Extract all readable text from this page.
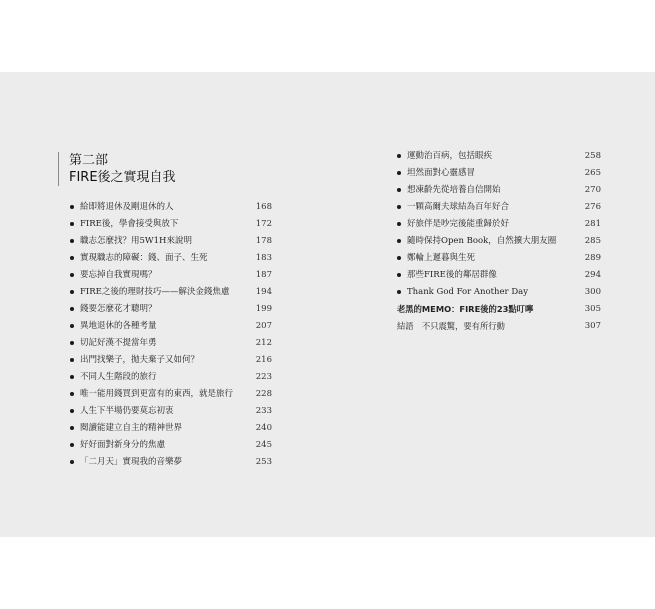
第二部
FIRE後之實現自我
給即將退休及剛退休的人	168
FIRE後，學會接受與放下	172
職志怎麼找？用5W1H來說明	178
實現職志的障礙：錢、面子、生死	183
要忘掉自我實現嗎？	187
FIRE之後的理財技巧——解決金錢焦慮	194
錢要怎麼花才聰明？	199
異地退休的各種考量	207
切記好漢不提當年勇	212
出門找樂子，拋夫棄子又如何？	216
不同人生階段的旅行	223
唯一能用錢買到更富有的東西，就是旅行	228
人生下半場仍要莫忘初衷	233
閱讀能建立自主的精神世界	240
好好面對新身分的焦慮	245
「二月天」實現我的音樂夢	253
運動治百病，包括眼疾	258
坦然面對心靈感冒	265
想凍齡先從培養自信開始	270
一顆高爾夫球結為百年好合	276
好旅伴是吵完後能重歸於好	281
隨時保持Open Book，自然擴大朋友圈	285
鄭輪上遲暮與生死	289
那些FIRE後的鄰居群像	294
Thank God For Another Day	300
老黑的MEMO：FIRE後的23點叮嚀	305
結語　不只震驚，要有所行動	307
